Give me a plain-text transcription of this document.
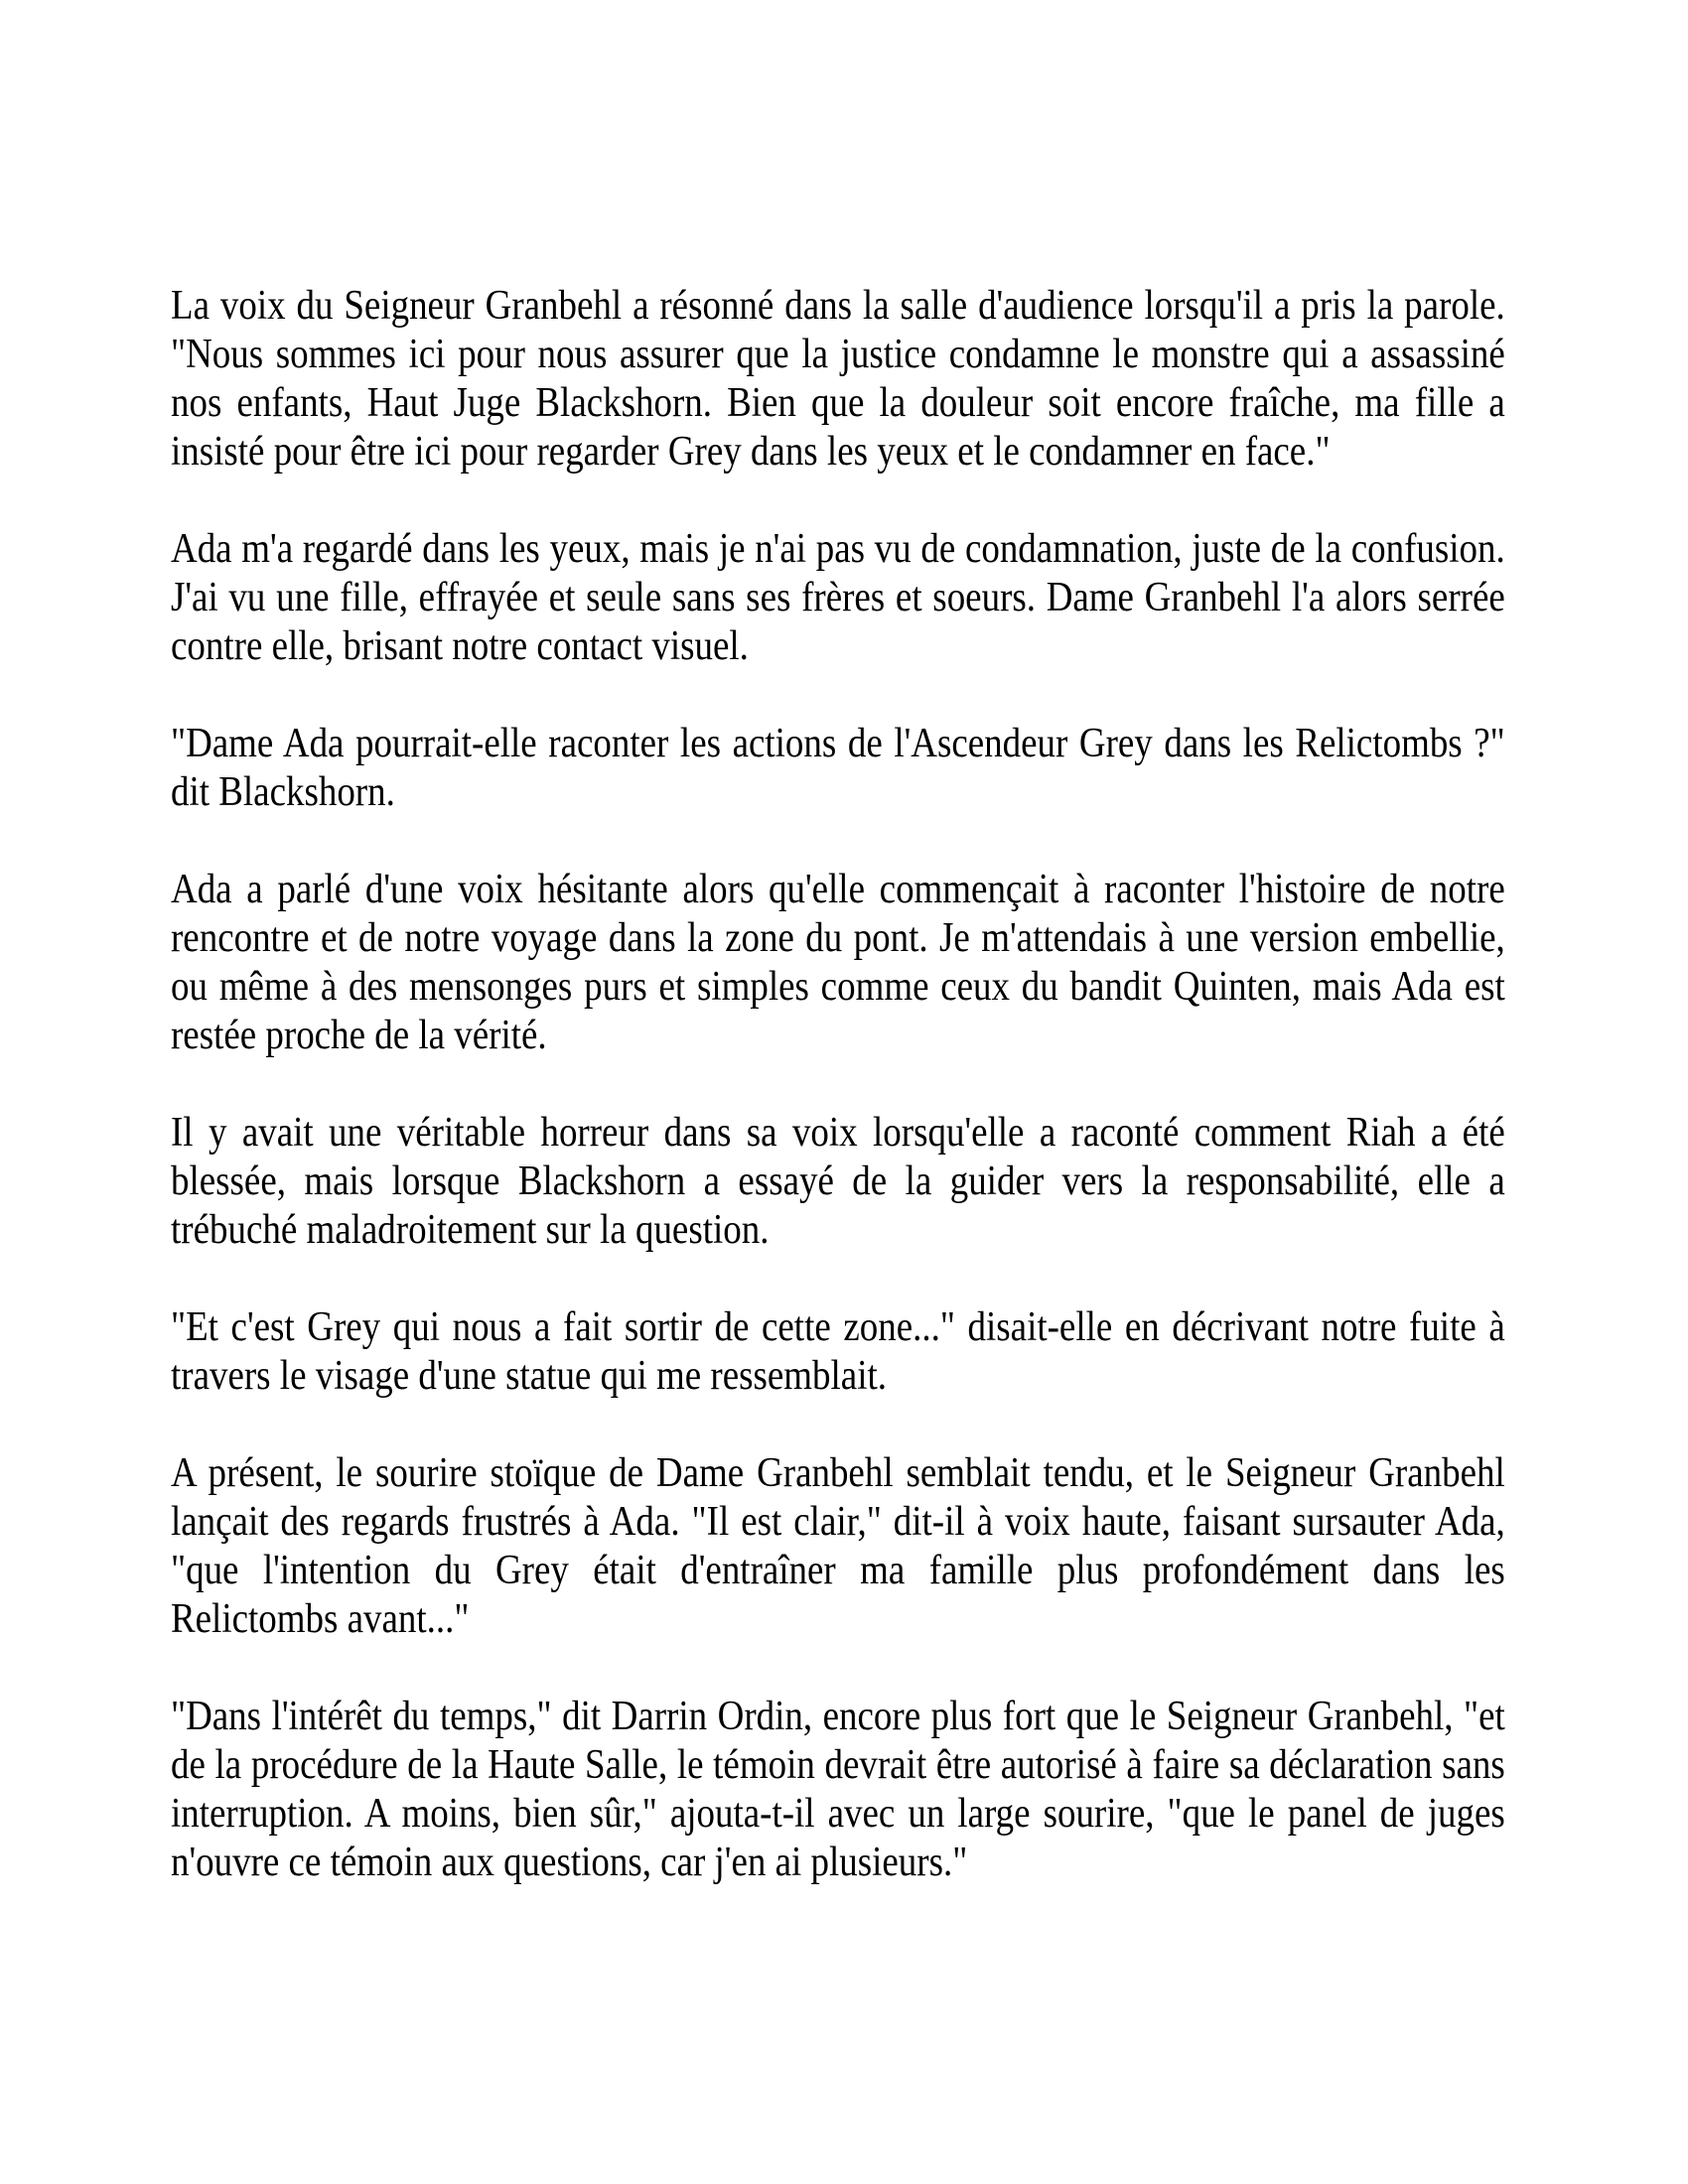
La voix du Seigneur Granbehl a résonné dans la salle d'audience lorsqu'il a pris la parole. "Nous sommes ici pour nous assurer que la justice condamne le monstre qui a assassiné nos enfants, Haut Juge Blackshorn. Bien que la douleur soit encore fraîche, ma fille a insisté pour être ici pour regarder Grey dans les yeux et le condamner en face."

Ada m'a regardé dans les yeux, mais je n'ai pas vu de condamnation, juste de la confusion. J'ai vu une fille, effrayée et seule sans ses frères et soeurs. Dame Granbehl l'a alors serrée contre elle, brisant notre contact visuel.

"Dame Ada pourrait-elle raconter les actions de l'Ascendeur Grey dans les Relictombs ?" dit Blackshorn.

Ada a parlé d'une voix hésitante alors qu'elle commençait à raconter l'histoire de notre rencontre et de notre voyage dans la zone du pont. Je m'attendais à une version embellie, ou même à des mensonges purs et simples comme ceux du bandit Quinten, mais Ada est restée proche de la vérité.

Il y avait une véritable horreur dans sa voix lorsqu'elle a raconté comment Riah a été blessée, mais lorsque Blackshorn a essayé de la guider vers la responsabilité, elle a trébuché maladroitement sur la question.

"Et c'est Grey qui nous a fait sortir de cette zone..." disait-elle en décrivant notre fuite à travers le visage d'une statue qui me ressemblait.

A présent, le sourire stoïque de Dame Granbehl semblait tendu, et le Seigneur Granbehl lançait des regards frustrés à Ada. "Il est clair," dit-il à voix haute, faisant sursauter Ada, "que l'intention du Grey était d'entraîner ma famille plus profondément dans les Relictombs avant..."

"Dans l'intérêt du temps," dit Darrin Ordin, encore plus fort que le Seigneur Granbehl, "et de la procédure de la Haute Salle, le témoin devrait être autorisé à faire sa déclaration sans interruption. A moins, bien sûr," ajouta-t-il avec un large sourire, "que le panel de juges n'ouvre ce témoin aux questions, car j'en ai plusieurs."
